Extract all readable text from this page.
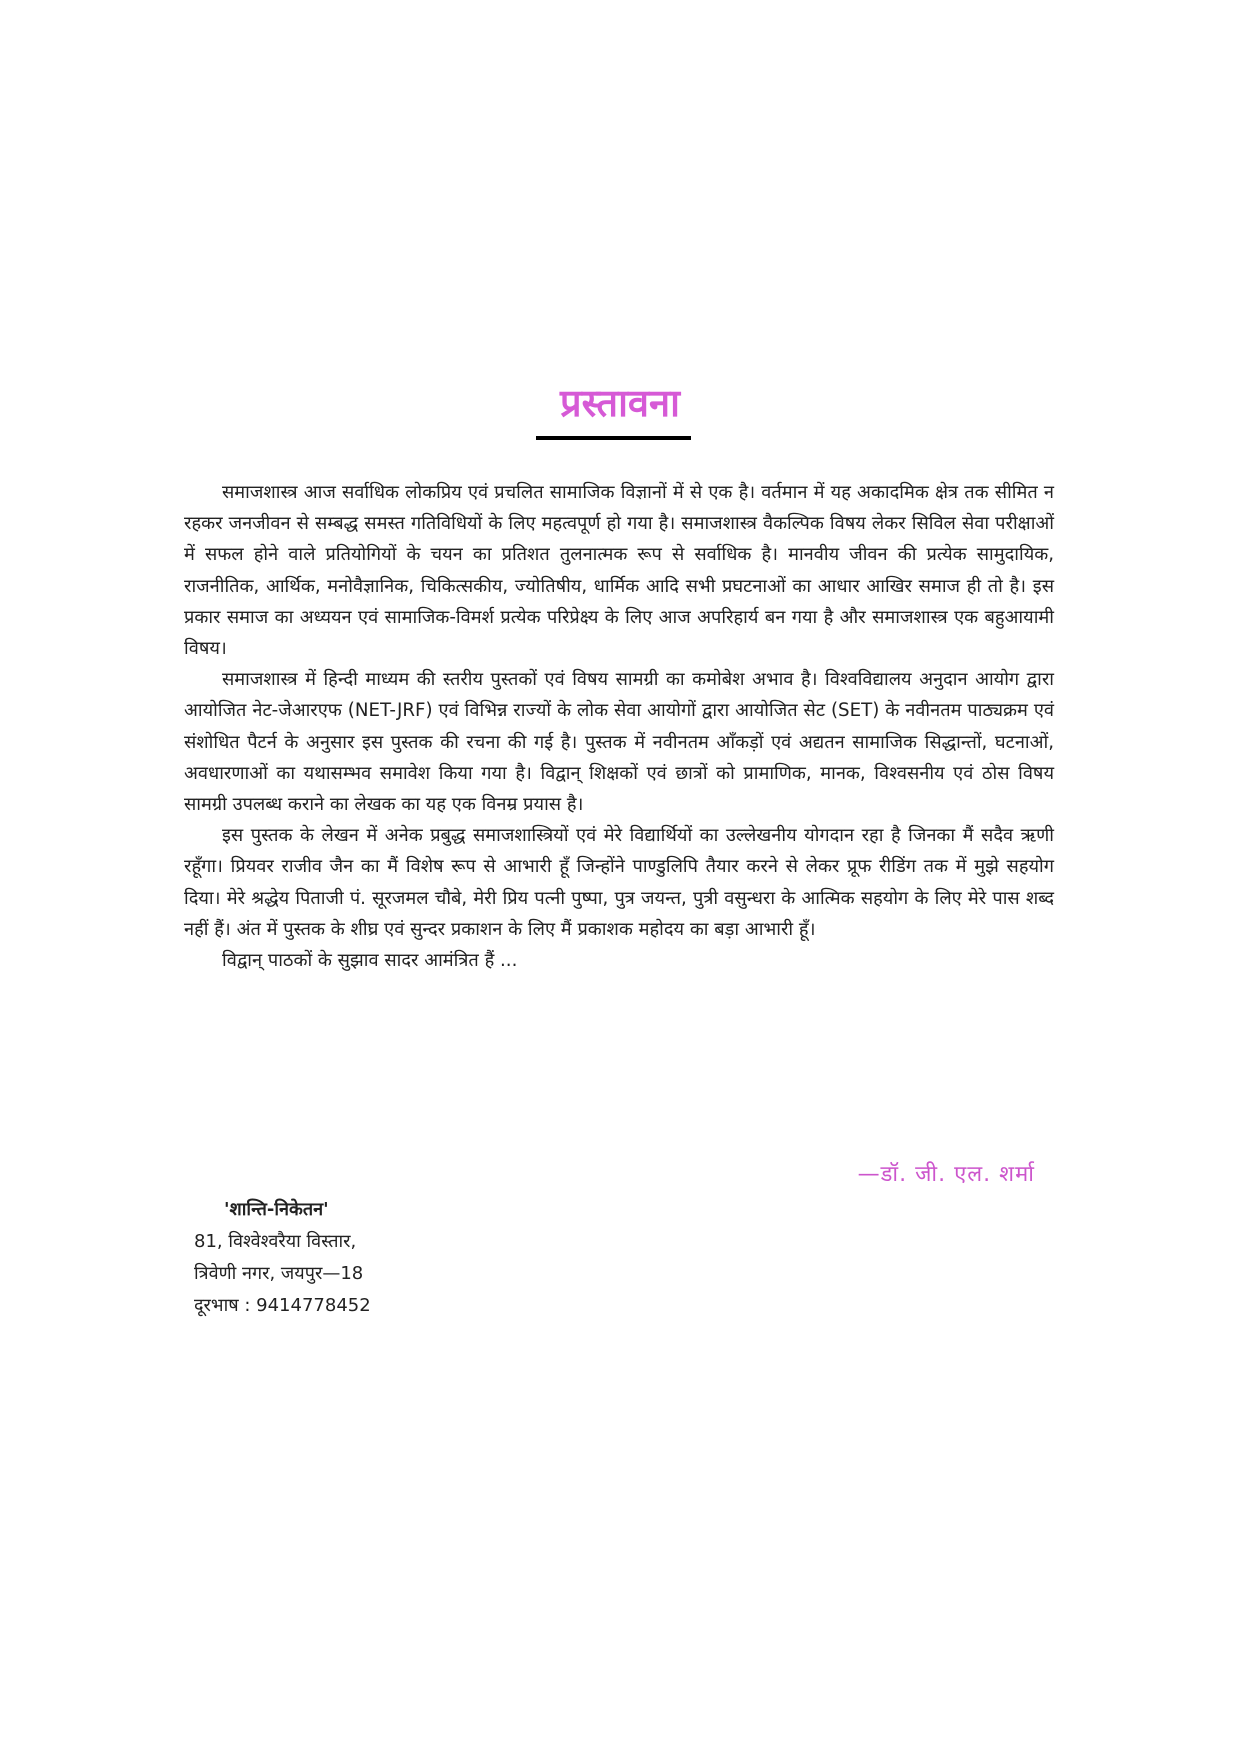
प्रस्तावना

समाजशास्त्र आज सर्वाधिक लोकप्रिय एवं प्रचलित सामाजिक विज्ञानों में से एक है। वर्तमान में यह अकादमिक क्षेत्र तक सीमित न रहकर जनजीवन से सम्बद्ध समस्त गतिविधियों के लिए महत्वपूर्ण हो गया है। समाजशास्त्र वैकल्पिक विषय लेकर सिविल सेवा परीक्षाओं में सफल होने वाले प्रतियोगियों के चयन का प्रतिशत तुलनात्मक रूप से सर्वाधिक है। मानवीय जीवन की प्रत्येक सामुदायिक, राजनीतिक, आर्थिक, मनोवैज्ञानिक, चिकित्सकीय, ज्योतिषीय, धार्मिक आदि सभी प्रघटनाओं का आधार आखिर समाज ही तो है। इस प्रकार समाज का अध्ययन एवं सामाजिक-विमर्श प्रत्येक परिप्रेक्ष्य के लिए आज अपरिहार्य बन गया है और समाजशास्त्र एक बहुआयामी विषय।

समाजशास्त्र में हिन्दी माध्यम की स्तरीय पुस्तकों एवं विषय सामग्री का कमोबेश अभाव है। विश्वविद्यालय अनुदान आयोग द्वारा आयोजित नेट-जेआरएफ (NET-JRF) एवं विभिन्न राज्यों के लोक सेवा आयोगों द्वारा आयोजित सेट (SET) के नवीनतम पाठ्यक्रम एवं संशोधित पैटर्न के अनुसार इस पुस्तक की रचना की गई है। पुस्तक में नवीनतम आँकड़ों एवं अद्यतन सामाजिक सिद्धान्तों, घटनाओं, अवधारणाओं का यथासम्भव समावेश किया गया है। विद्वान् शिक्षकों एवं छात्रों को प्रामाणिक, मानक, विश्वसनीय एवं ठोस विषय सामग्री उपलब्ध कराने का लेखक का यह एक विनम्र प्रयास है।

इस पुस्तक के लेखन में अनेक प्रबुद्ध समाजशास्त्रियों एवं मेरे विद्यार्थियों का उल्लेखनीय योगदान रहा है जिनका मैं सदैव ऋणी रहूँगा। प्रियवर राजीव जैन का मैं विशेष रूप से आभारी हूँ जिन्होंने पाण्डुलिपि तैयार करने से लेकर प्रूफ रीडिंग तक में मुझे सहयोग दिया। मेरे श्रद्धेय पिताजी पं. सूरजमल चौबे, मेरी प्रिय पत्नी पुष्पा, पुत्र जयन्त, पुत्री वसुन्धरा के आत्मिक सहयोग के लिए मेरे पास शब्द नहीं हैं। अंत में पुस्तक के शीघ्र एवं सुन्दर प्रकाशन के लिए मैं प्रकाशक महोदय का बड़ा आभारी हूँ।

विद्वान् पाठकों के सुझाव सादर आमंत्रित हैं ...

—डॉ. जी. एल. शर्मा
'शान्ति-निकेतन'
81, विश्वेश्वरैया विस्तार,
त्रिवेणी नगर, जयपुर—18
दूरभाष : 9414778452
